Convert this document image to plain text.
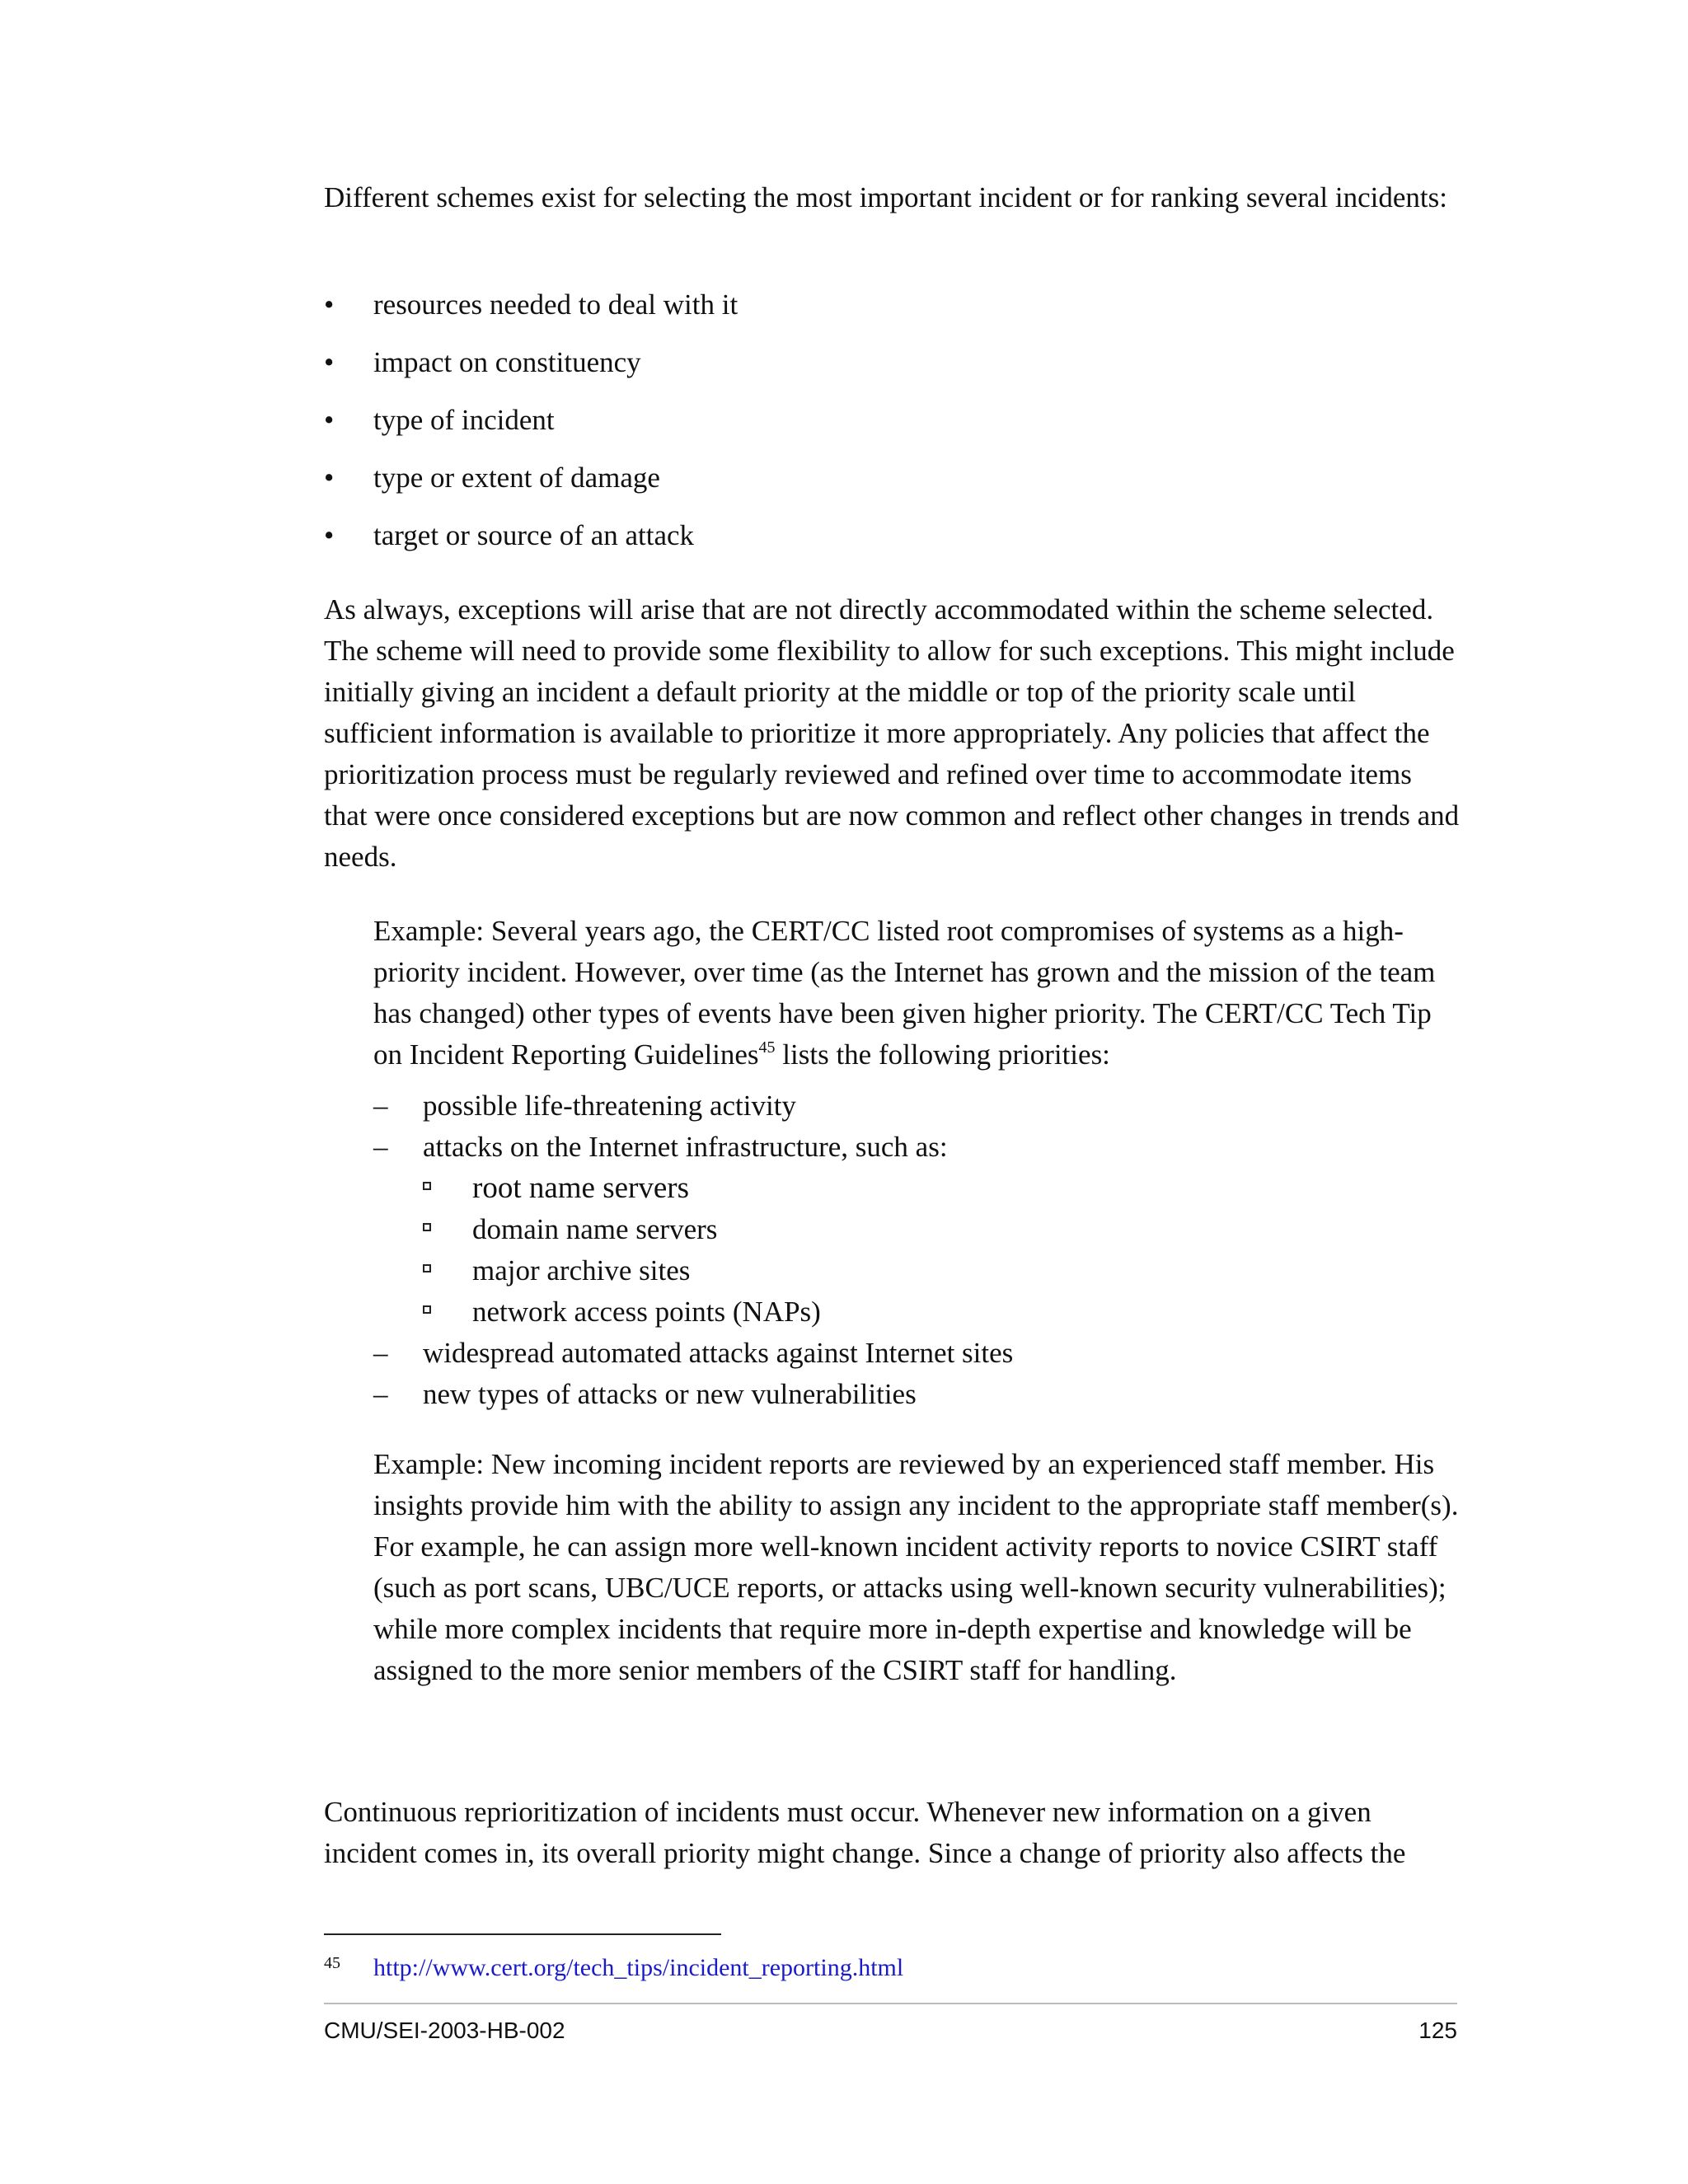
Different schemes exist for selecting the most important incident or for ranking several incidents:

• resources needed to deal with it
• impact on constituency
• type of incident
• type or extent of damage
• target or source of an attack

As always, exceptions will arise that are not directly accommodated within the scheme selected. The scheme will need to provide some flexibility to allow for such exceptions. This might include initially giving an incident a default priority at the middle or top of the priority scale until sufficient information is available to prioritize it more appropriately. Any policies that affect the prioritization process must be regularly reviewed and refined over time to accommodate items that were once considered exceptions but are now common and reflect other changes in trends and needs.

Example: Several years ago, the CERT/CC listed root compromises of systems as a high-priority incident. However, over time (as the Internet has grown and the mission of the team has changed) other types of events have been given higher priority. The CERT/CC Tech Tip on Incident Reporting Guidelines$^{45}$ lists the following priorities:
– possible life-threatening activity
– attacks on the Internet infrastructure, such as:
root name servers
domain name servers
major archive sites
network access points (NAPs)
– widespread automated attacks against Internet sites
– new types of attacks or new vulnerabilities

Example: New incoming incident reports are reviewed by an experienced staff member. His insights provide him with the ability to assign any incident to the appropriate staff member(s). For example, he can assign more well-known incident activity reports to novice CSIRT staff (such as port scans, UBC/UCE reports, or attacks using well-known security vulnerabilities); while more complex incidents that require more in-depth expertise and knowledge will be assigned to the more senior members of the CSIRT staff for handling.

Continuous reprioritization of incidents must occur. Whenever new information on a given incident comes in, its overall priority might change. Since a change of priority also affects the

45 http://www.cert.org/tech_tips/incident_reporting.html
CMU/SEI-2003-HB-002	125
